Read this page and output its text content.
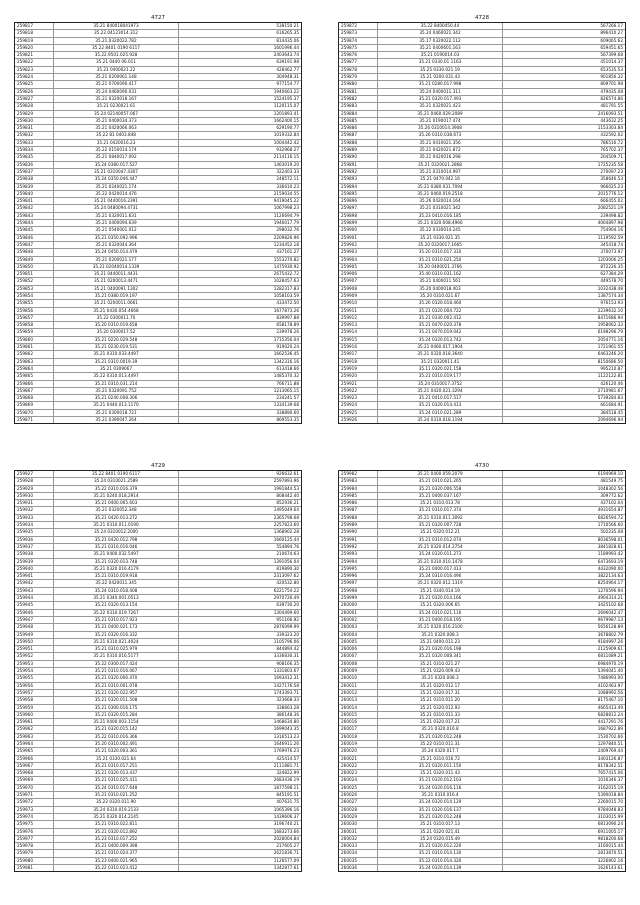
4727
259817	35.21 840018041973	538150.21
259818	35.22.04123014.312	616265.35
259819	35.21.0320022.782	814435.06
259820	35.22 8401 0190 6117	1601996.44
259821	35.22.9501.025.928	2403643.74
259822	35.21 0440 06.011	639191.98
259823	35.21 0400021.22	428462.77
259824	35.21 0200061.148	304948.31
259825	35.21 0700090.417	977154.77
259826	35.24 0460090.031	1940663.22
259827	35.21 0320018.167	1524195.37
259828	35.21 0230021.61	1120115.07
259829	35.24 02140057.067	1201893.41
259830	35.21 0400034.373	1662400.15
259831	35.21 0420066.063	629190.77
259832	35.22 81 0403.848	1019332.84
259833	35.21 0420016.23	1004442.42
259834	35.22 0150014.174	932968.27
259835	35.21 0840017.092	2114116.15
259836	35.24 0380.017.527	1463019.20
259837	35.21 0310047.4307	322403.33
259838	35.24 0350.046.447	248572.11
259839	35.21 0240021.174	336610.23
259840	35.22 0420014.476	2159034.55
259841	35.21 0440016.2391	9419045.22
259842	35.24 0480094.4731	1067998.23
259843	35.21 0320011.631	1126694.79
259844	35.21 0400094.639	1946017.79
259845	35.21 0540001.012	298032.76
259846	35.21 0350.092.996	2209826.96
259847	35.21 0320044.364	1234452.18
259848	35.24 0450.014.479	437161.27
259849	35.21 0200021.177	1553270.82
259850	35.21 02040014.1339	1475930.92
259851	35.21 0440011.4431	2675432.72
259852	35.21 0200013.4471	1028457.63
259853	35.21 0400091.1302	1282317.83
259854	35.21 0380.019.197	1058103.59
259855	35.21 0200011.0661	433472.50
259856	35.21 0430.054.4668	1677873.26
259857	35.22 0300011.70	839997.88
259858	35.20 0310.019.658	658178.89
259859	35.20 0300017.52	239978.26
259860	35.21 0220.029.548	1715356.04
259861	35.21 0230.019.531	919020.24
259862	35.21 0310.033.4497	1662536.45
259863	35.21 0310.0019.39	1342316.16
259864	35.21 0309067	613418.66
259865	35.22 0310.013.4497	1485370.32
259866	35.21 0310.031.214	766711.88
259867	35.21 0320091.752	1213065.15
259868	35.21 0240.008.306	234241.57
259869	35.21 0440.013.1170	1334139.68
259870	35.21 0300018.721	338890.60
259871	35.21 0390047.264	869553.35
4728
259872	35.22 8400450.44	567266.17
259873	35.24 0460021.342	896410.27
259874	35.17 0320022.112	609065.62
259875	35.21 0400601.163	659451.65
259876	35.21 0190014.03	567399.68
259877	35.21 0330.01 1163	451014.37
259878	35.25 0330.021.19	653535.53
259879	35.21 0200.031.43	901856.32
259880	35.21 0280.017.998	809701.98
259881	35.24 0400011.311	479435.08
259882	35.21 0320.017.493	826574.86
259883	35.21 0320021.423	481791.55
259884	35.21 0460.029.2089	2416093.51
259885	35.21 0190017.474	443632.25
259886	35.26 0310014.3908	1153303.84
259887	35.26 0310.038.673	432592.02
259888	35.21 0410021.356	786516.72
259889	35.21 0420021.872	765702.37
259890	35.21 0420016.298	204509.71
259891	35.21 0320021.2868	1725235.58
259892	35.21 0310014.997	270097.23
259893	35.21 0470.042.16	358646.53
259894	35.21 0380.031.7094	966025.23
259895	35.21 0460.019.2518	2015776.12
259896	35.26 0420014.164	666455.02
259897	35.21 0310021.342	2082521.19
259898	35.23 0410.016.185	239498.82
259899	35.21 0320.008.4966	4064897.98
259900	35.22 0330014.245	754904.16
259901	35.21 0330.021.35	1119592.59
259902	35.20 0320017.1665	345418.74
259903	35.20 0310.017.310	370073.97
259904	35.21 0310.021.250	1203006.25
259905	35.20 0400021.3766	872226.35
259906	35.40 0310.031.162	627384.29
259907	35.21 0400011.561	449578.70
259908	35.20 0400018.403	1032438.48
259909	35.20 0310.021.67	1387574.34
259910	35.26 0320.018.460	976153.93
259911	35.21 0320.004.722	2239632.10
259912	35.21 0330.002.412	8471686.94
259913	35.21 0470.020.378	1958062.33
259914	35.21 0470.019.042	6198296.79
259915	35.24 0320.013.742	2054771.16
259916	35.21 0460.017.1904	1721961.55
259917	35.21 0320.018.3640	6463246.20
259918	35.21 0320011.41	8150686.50
259919	35.11 0320.021.158	995210.87
259920	35.21 0310.019.177	1122122.81
259921	35.24 0310017.3752	426120.46
259922	35.21 0420.021.3294	2710981.67
259923	35.21 0410.017.517	5739284.83
259924	35.21 0320.014.413	661684.91
259925	35.24 0310.021.289	384518.45
259926	35.24 0310.018.1194	2094696.94
4729
259927	35.22 8401 0190 6117	926632.61
259928	35.24 0310021.2589	2597893.96
259929	35.22 0310.016.379	1991844.53
259930	35.21 0240.018.2914	808442.40
259931	35.21 0400.065.603	852936.21
259932	35.21 0320052.348	1495049.64
259933	35.21 0420.013.272	2365798.68
259934	35.21 0310.011.0190	2257823.60
259935	35.24 0310012.2000	1368902.28
259936	35.21 0420.012.798	1660125.44
259937	35.21 0310.016.046	554894.76
259938	35.21 0400.032.5497	210674.63
259939	35.21 0320.013.748	1391056.04
259940	35.21 0320.016.4179	819890.30
259941	35.21 0310.019.918	2313097.62
259942	35.22 0420011.345	420532.80
259943	35.24 0310.018.408	6221754.22
259944	35.21 0340.001.0513	2970726.49
259945	35.21 0320.013.154	639730.20
259946	35.22 0310.019.7267	1304499.60
259947	35.21 0310.017.923	951166.92
259948	35.21 0400.021.173	2876099.99
259949	35.21 0320.016.332	339323.20
259950	35.21 0310.021.4024	1105796.06
259951	35.21 0310.025.979	844894.42
259952	35.21 0310.016.5177	3336830.31
259953	35.22 0300.017.424	908166.35
259954	35.21 0310.016.067	1331803.67
259955	35.21 0320.006.470	1693412.31
259956	35.21 0310.001.078	1427176.58
259957	35.21 0320.022.957	1743393.71
259958	35.21 0320.011.508	323668.33
259959	35.21 0300.016.175	338663.28
259960	35.21 0320.015.284	386148.36
259961	35.21 0400.003.1154	1468634.80
259962	35.21 0320.015.142	1699043.35
259963	35.22 0310.016.366	1316513.23
259964	35.20 0310.002.491	1646911.26
259965	35.21 0320.003.361	1769976.23
259966	35.21 0330.021.64	425414.57
259967	35.21 0310.017.251	2111881.71
259968	35.21 0320.013.437	324822.99
259969	35.21 0310.025.411	2683436.19
259970	35.24 0310.017.648	1877598.11
259971	35.21 0310.021.252	845191.51
259972	35.22 0320.011.90	407631.75
259973	35.24 0310.019.2133	1065396.16
259974	35.21 0320.014.2145	1439606.37
259975	35.21 0310.022.811	3196740.21
259976	35.21 0320.012.892	1683273.66
259977	35.23 0310.017.252	2028004.84
259978	35.21 0400.009.398	217605.27
259979	35.21 0310.024.377	2621836.71
259980	35.23 0400.021.965	1126577.09
259981	35.22 0310.023.412	1342877.61
4730
259982	35.21 0400.059.2079	6194969.10
259983	35.21 0310.021.265	481549.75
259984	35.21 0320.006.558	1048302.56
259985	35.21 0400.037.167	309772.62
259986	35.21 0310.013.78	437102.04
259987	35.21 0310.017.374	4931654.87
259988	35.21 0310.011.3092	6826594.72
259989	35.21 0320.007.728	1710566.60
259990	35.21 0320.012.21	502235.08
259991	35.21 0310.012.074	8036598.01
259992	35.21 0320.014.2754	3841828.61
259993	35.24 0320.011.273	1189993.42
259994	35.21 0310.010.1478	6473693.19
259995	35.21 0400.017.413	4432090.00
259996	35.24 0310.016.496	3822134.63
259997	35.21 0320.012.1319	8254964.17
259998	35.21 0340.014.19	1270596.94
259999	35.21 0320.014.166	4904314.21
260000	35.21 0320.006.65	3425102.68
260001	35.24 0310.021.116	2696042.47
260002	35.21 0400.018.195	9679987.13
260003	35.21 0320.016.2100	5656128.89
260004	35.21 0320.008.3	3678802.79
260005	35.21 0400.011.23	9184997.26
260006	35.21 0320.016.198	2125909.61
260007	35.21 0320.008.341	6811089.21
260008	35.21 0310.021.27	6984970.19
260009	35.21 0320.009.43	5394041.40
260010	35.21 0320.008.3	7486993.00
260011	35.21 0320.012.17	4102463.97
260012	35.21 0320.017.31	1088992.56
260013	35.21 0310.011.20	8175467.10
260014	35.21 0320.012.93	4665413.49
260015	35.21 0310.011.33	6828812.24
260016	35.21 0320.017.21	4417291.76
260017	35.21 0320.016.8	1687922.89
260018	35.21 0320.012.248	1530702.66
260019	35.22 0310.011.31	1297840.51
260020	35.24 0320.017.7	2409769.44
260021	35.21 0310.016.72	3403126.87
260022	35.21 0320.011.150	8178342.51
260023	35.21 0320.011.43	7657415.06
260024	35.21 0320.012.103	1016346.37
260025	35.24 0320.016.116	3162015.19
260026	35.21 0310.016.4	5390018.84
260027	35.24 0320.014.129	2260015.70
260028	35.21 0320.016.137	9784048.83
260029	35.21 0320.012.248	3103015.99
260030	35.21 0310.017.13	6813090.24
260031	35.21 0320.021.41	6911005.17
260032	35.24 0320.015.49	9818200.68
260033	35.21 0320.012.220	3160015.44
260034	35.21 0310.014.130	2813870.51
260035	35.22 0310.014.320	3226802.16
260036	35.24 0320.014.139	1626143.61
